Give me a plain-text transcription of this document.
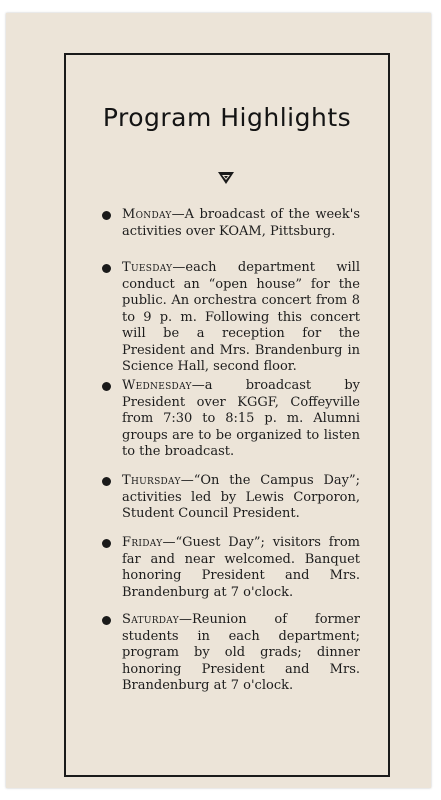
Program Highlights
Monday—A broadcast of the week's activities over KOAM, Pittsburg.
Tuesday—each department will conduct an “open house” for the public. An orchestra concert from 8 to 9 p. m. Following this concert will be a reception for the President and Mrs. Brandenburg in Science Hall, second floor.
Wednesday—a broadcast by President over KGGF, Coffeyville from 7:30 to 8:15 p. m. Alumni groups are to be organized to listen to the broadcast.
Thursday—“On the Campus Day”; activities led by Lewis Corporon, Student Council President.
Friday—“Guest Day”; visitors from far and near welcomed. Banquet honoring President and Mrs. Brandenburg at 7 o'clock.
Saturday—Reunion of former students in each department; program by old grads; dinner honoring President and Mrs. Brandenburg at 7 o'clock.
